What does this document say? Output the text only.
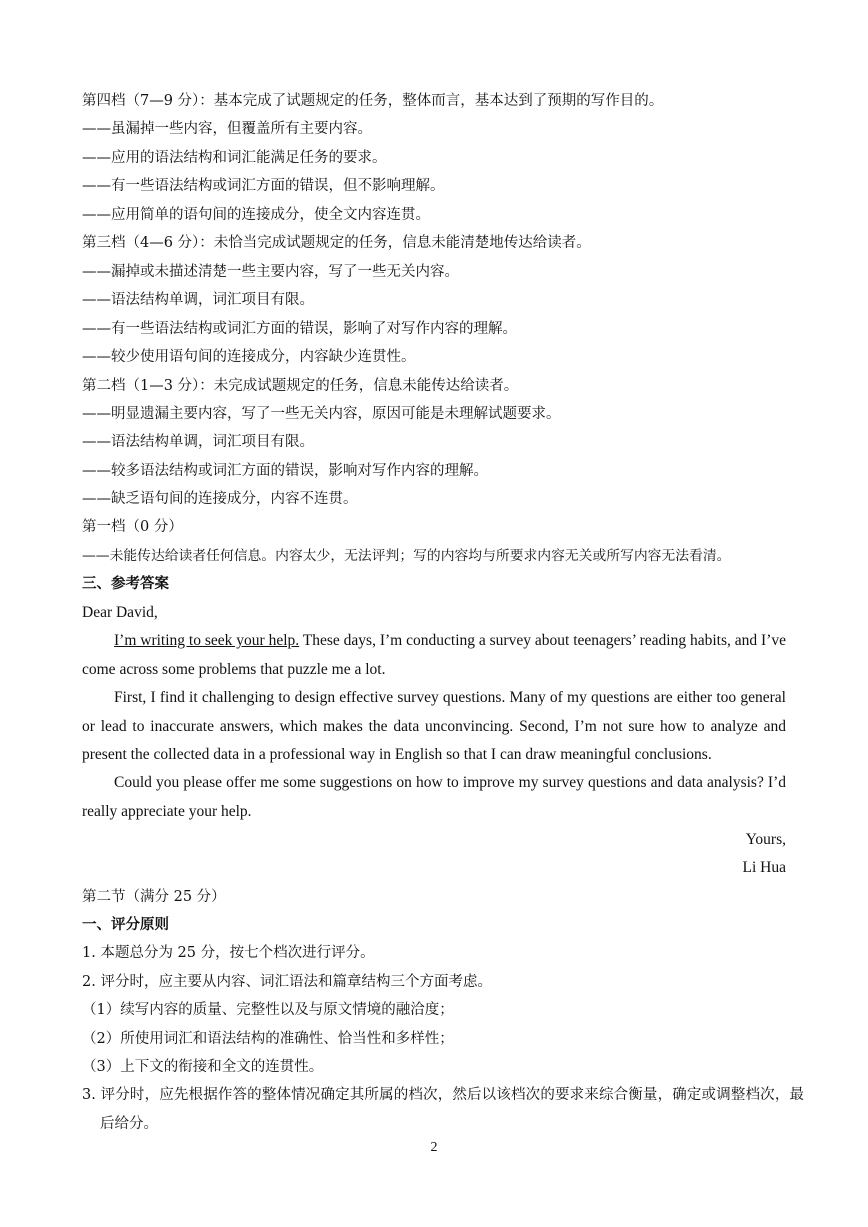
第四档（7—9 分）：基本完成了试题规定的任务，整体而言，基本达到了预期的写作目的。
——虽漏掉一些内容，但覆盖所有主要内容。
——应用的语法结构和词汇能满足任务的要求。
——有一些语法结构或词汇方面的错误，但不影响理解。
——应用简单的语句间的连接成分，使全文内容连贯。
第三档（4—6 分）：未恰当完成试题规定的任务，信息未能清楚地传达给读者。
——漏掉或未描述清楚一些主要内容，写了一些无关内容。
——语法结构单调，词汇项目有限。
——有一些语法结构或词汇方面的错误，影响了对写作内容的理解。
——较少使用语句间的连接成分，内容缺少连贯性。
第二档（1—3 分）：未完成试题规定的任务，信息未能传达给读者。
——明显遗漏主要内容，写了一些无关内容，原因可能是未理解试题要求。
——语法结构单调，词汇项目有限。
——较多语法结构或词汇方面的错误，影响对写作内容的理解。
——缺乏语句间的连接成分，内容不连贯。
第一档（0 分）
——未能传达给读者任何信息。内容太少，无法评判；写的内容均与所要求内容无关或所写内容无法看清。
三、参考答案
Dear David,
I’m writing to seek your help. These days, I’m conducting a survey about teenagers’ reading habits, and I’ve come across some problems that puzzle me a lot.
First, I find it challenging to design effective survey questions. Many of my questions are either too general or lead to inaccurate answers, which makes the data unconvincing. Second, I’m not sure how to analyze and present the collected data in a professional way in English so that I can draw meaningful conclusions.
Could you please offer me some suggestions on how to improve my survey questions and data analysis? I’d really appreciate your help.
Yours,
Li Hua
第二节（满分 25 分）
一、评分原则
1. 本题总分为 25 分，按七个档次进行评分。
2. 评分时，应主要从内容、词汇语法和篇章结构三个方面考虑。
（1）续写内容的质量、完整性以及与原文情境的融洽度；
（2）所使用词汇和语法结构的准确性、恰当性和多样性；
（3）上下文的衔接和全文的连贯性。
3. 评分时，应先根据作答的整体情况确定其所属的档次，然后以该档次的要求来综合衡量，确定或调整档次，最后给分。
2
